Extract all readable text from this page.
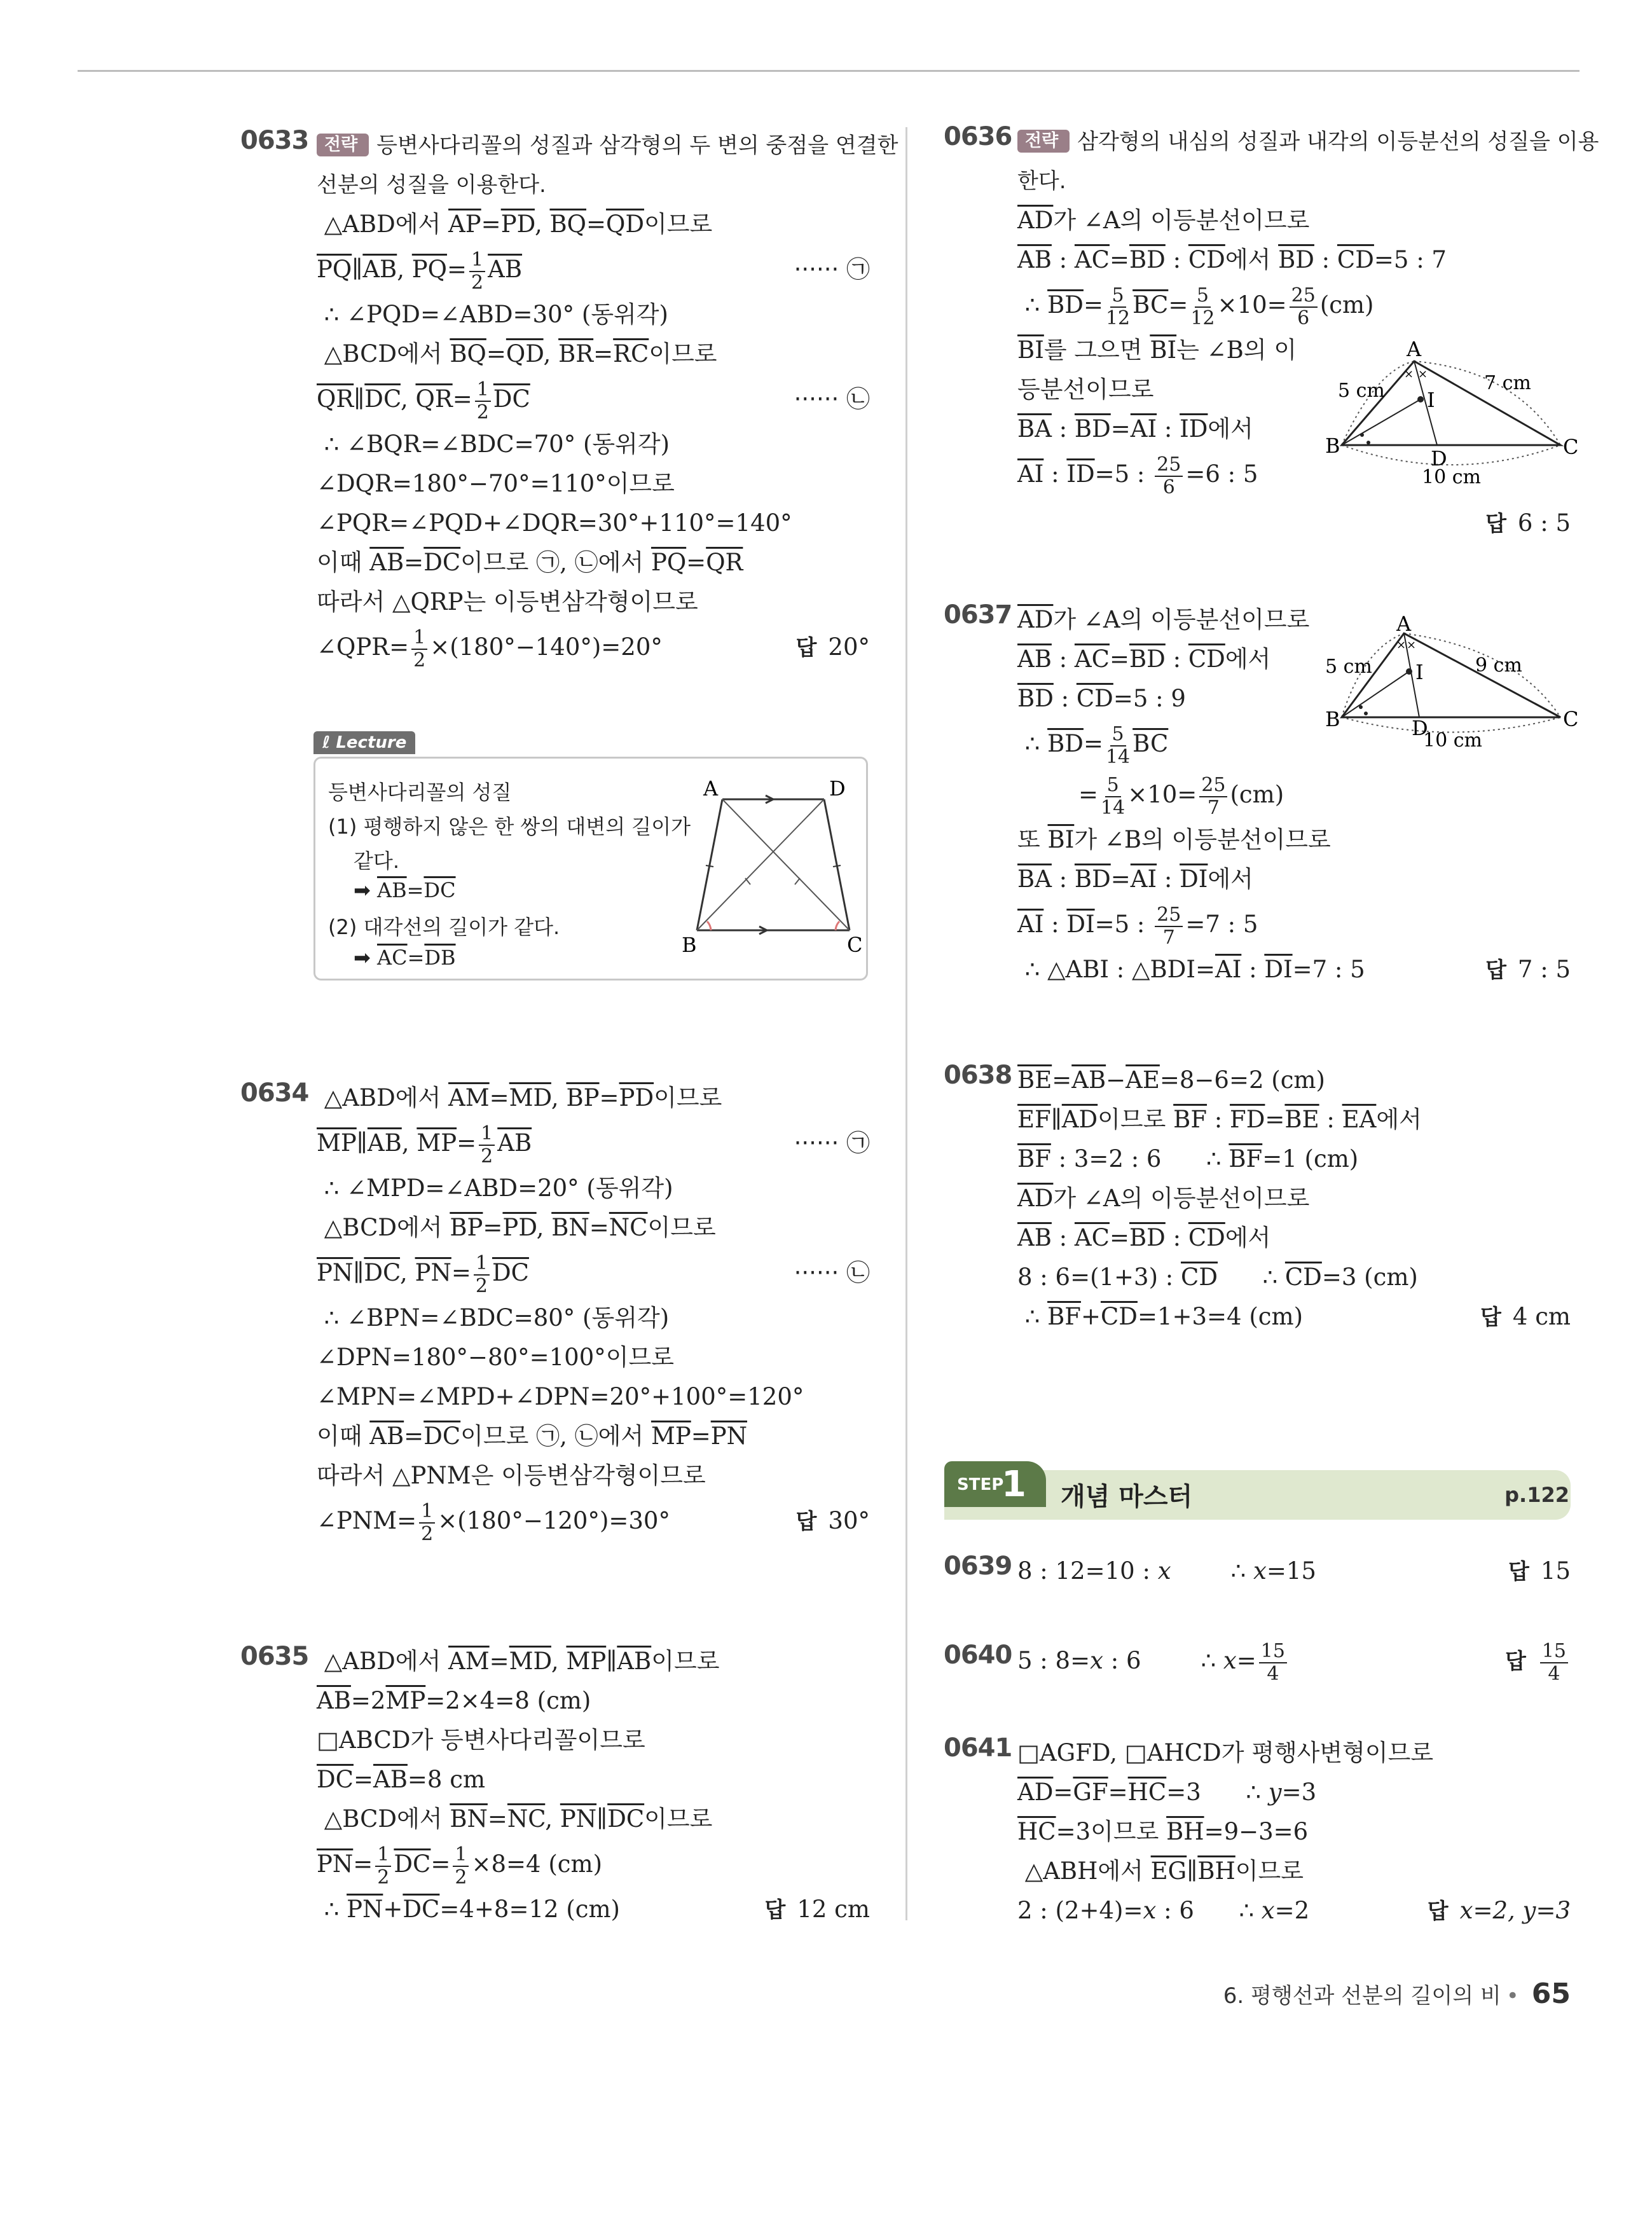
0633 전략 등변사다리꼴의 성질과 삼각형의 두 변의 중점을 연결한
선분의 성질을 이용한다.
△ABD에서 $\overline{AP}=\overline{PD}$, $\overline{BQ}=\overline{QD}$이므로
$\overline{PQ}\parallel\overline{AB}$, $\overline{PQ}= \frac{1}{2} \overline{AB}$	······ ㉠
∴ ∠PQD=∠ABD=30° (동위각)
△BCD에서 $\overline{BQ}=\overline{QD}$, $\overline{BR}=\overline{RC}$이므로
$\overline{QR}\parallel\overline{DC}$, $\overline{QR}= \frac{1}{2} \overline{DC}$	······ ㉡
∴ ∠BQR=∠BDC=70° (동위각)
∠DQR=180°−70°=110°이므로
∠PQR=∠PQD+∠DQR=30°+110°=140°
이때 $\overline{AB}=\overline{DC}$이므로 ㉠, ㉡에서 $\overline{PQ}=\overline{QR}$
따라서 △QRP는 이등변삼각형이므로
∠QPR= $\frac{1}{2} \times(180^\circ-140^\circ)=20^\circ$	답 20°
ℓ Lecture
등변사다리꼴의 성질
(1) 평행하지 않은 한 쌍의 대변의 길이가
같다.
➡ $\overline{AB}=\overline{DC}$
(2) 대각선의 길이가 같다.
➡ $\overline{AC}=\overline{DB}$
A	D
B	C
0634 △ABD에서 $\overline{AM}=\overline{MD}$, $\overline{BP}=\overline{PD}$이므로
$\overline{MP}\parallel\overline{AB}$, $\overline{MP}= \frac{1}{2} \overline{AB}$	······ ㉠
∴ ∠MPD=∠ABD=20° (동위각)
△BCD에서 $\overline{BP}=\overline{PD}$, $\overline{BN}=\overline{NC}$이므로
$\overline{PN}\parallel\overline{DC}$, $\overline{PN}= \frac{1}{2} \overline{DC}$	······ ㉡
∴ ∠BPN=∠BDC=80° (동위각)
∠DPN=180°−80°=100°이므로
∠MPN=∠MPD+∠DPN=20°+100°=120°
이때 $\overline{AB}=\overline{DC}$이므로 ㉠, ㉡에서 $\overline{MP}=\overline{PN}$
따라서 △PNM은 이등변삼각형이므로
∠PNM= $\frac{1}{2} \times(180^\circ-120^\circ)=30^\circ$	답 30°
0635 △ABD에서 $\overline{AM}=\overline{MD}$, $\overline{MP}\parallel\overline{AB}$이므로
$\overline{AB}=2\overline{MP}=2\times 4=8$ (cm)
□ABCD가 등변사다리꼴이므로
$\overline{DC}=\overline{AB}=8$ cm
△BCD에서 $\overline{BN}=\overline{NC}$, $\overline{PN}\parallel\overline{DC}$이므로
$\overline{PN}= \frac{1}{2} \overline{DC}= \frac{1}{2} \times 8=4$ (cm)
∴ $\overline{PN}+\overline{DC}=4+8=12$ (cm)	답 12 cm
0636 전략 삼각형의 내심의 성질과 내각의 이등분선의 성질을 이용
한다.
$\overline{AD}$가 ∠A의 이등분선이므로
$\overline{AB}$ : $\overline{AC}=\overline{BD}$ : $\overline{CD}$에서 $\overline{BD}$ : $\overline{CD}=5$ : 7
∴ $\overline{BD}= \frac{5}{12} \overline{BC}= \frac{5}{12} \times 10= \frac{25}{6} (cm)$
$\overline{BI}$를 그으면 $\overline{BI}$는 ∠B의 이
등분선이므로
$\overline{BA}$ : $\overline{BD}=\overline{AI}$ : $\overline{ID}$에서
$\overline{AI}$ : $\overline{ID}=5$ : $\frac{25}{6} =6$ : 5
답 6 : 5
× ×
A
B	C
D
I
5 cm	7 cm
10 cm
0637 $\overline{AD}$가 ∠A의 이등분선이므로
$\overline{AB}$ : $\overline{AC}=\overline{BD}$ : $\overline{CD}$에서
$\overline{BD}$ : $\overline{CD}=5$ : 9
∴ $\overline{BD}= \frac{5}{14} \overline{BC}$
= $\frac{5}{14} \times 10= \frac{25}{7} (cm)$
또 $\overline{BI}$가 ∠B의 이등분선이므로
$\overline{BA}$ : $\overline{BD}=\overline{AI}$ : $\overline{DI}$에서
$\overline{AI}$ : $\overline{DI}=5$ : $\frac{25}{7} =7$ : 5
∴ △ABI : $\triangle BDI=\overline{AI}$ : $\overline{DI}=7$ : 5	답 7 : 5
× ×
A
B	C
D
I
5 cm	9 cm
10 cm
0638 $\overline{BE}=\overline{AB}-\overline{AE}=8-6=2$ (cm)
$\overline{EF}\parallel\overline{AD}$이므로 $\overline{BF}$ : $\overline{FD}=\overline{BE}$ : $\overline{EA}$에서
$\overline{BF}$ : 3=2 : 6      ∴ $\overline{BF}=1$ (cm)
$\overline{AD}$가 ∠A의 이등분선이므로
$\overline{AB}$ : $\overline{AC}=\overline{BD}$ : $\overline{CD}$에서
8 : 6=(1+3) : $\overline{CD}$      ∴ $\overline{CD}=3$ (cm)
∴ $\overline{BF}+\overline{CD}=1+3=4$ (cm)	답 4 cm
STEP
1 개념 마스터	p.122
0639 8 : 12=10 : x        ∴ x=15	답 15
0640 5 : 8=x : 6        ∴ $x= \frac{15}{4}$	답 $\frac{15}{4}$
0641 □AGFD, □AHCD가 평행사변형이므로
$\overline{AD}=\overline{GF}=\overline{HC}=3$      ∴ y=3
$\overline{HC}=3$이므로 $\overline{BH}=9-3=6$
△ABH에서 $\overline{EG}\parallel\overline{BH}$이므로
2 : (2+4)=x : 6      ∴ x=2	답 x=2, y=3
6. 평행선과 선분의 길이의 비 • 65
